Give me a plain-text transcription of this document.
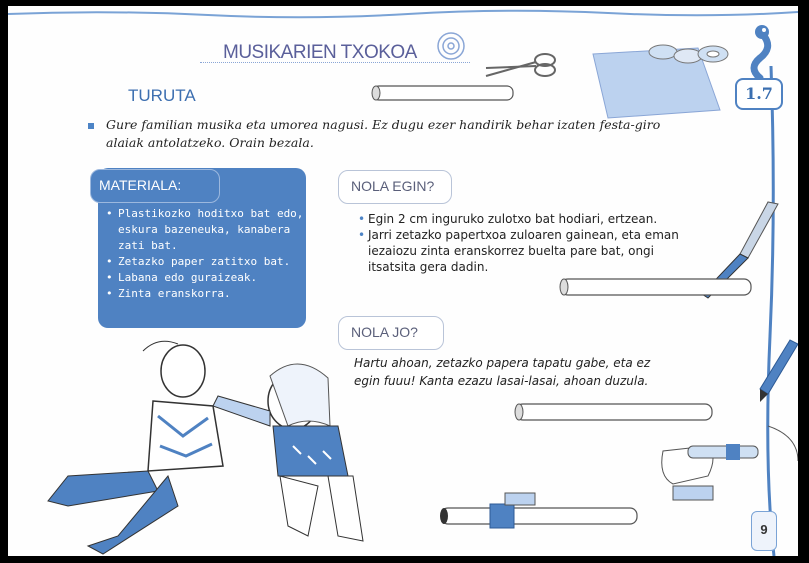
MUSIKARIEN TXOKOA
TURUTA	1.7
Gure familian musika eta umorea nagusi. Ez dugu ezer handirik behar izaten festa-giro alaiak antolatzeko. Orain bezala.
MATERIALA:
• Plastikozko hoditxo bat edo, eskura bazeneuka, kanabera zati bat.
• Zetazko paper zatitxo bat.
• Labana edo guraizeak.
• Zinta eranskorra.
NOLA EGIN?
• Egin 2 cm inguruko zulotxo bat hodiari, ertzean.
• Jarri zetazko papertxoa zuloaren gainean, eta eman iezaiozu zinta eranskorrez buelta pare bat, ongi itsatsita gera dadin.
NOLA JO?
Hartu ahoan, zetazko papera tapatu gabe, eta ez egin fuuu! Kanta ezazu lasai-lasai, ahoan duzula.
9
